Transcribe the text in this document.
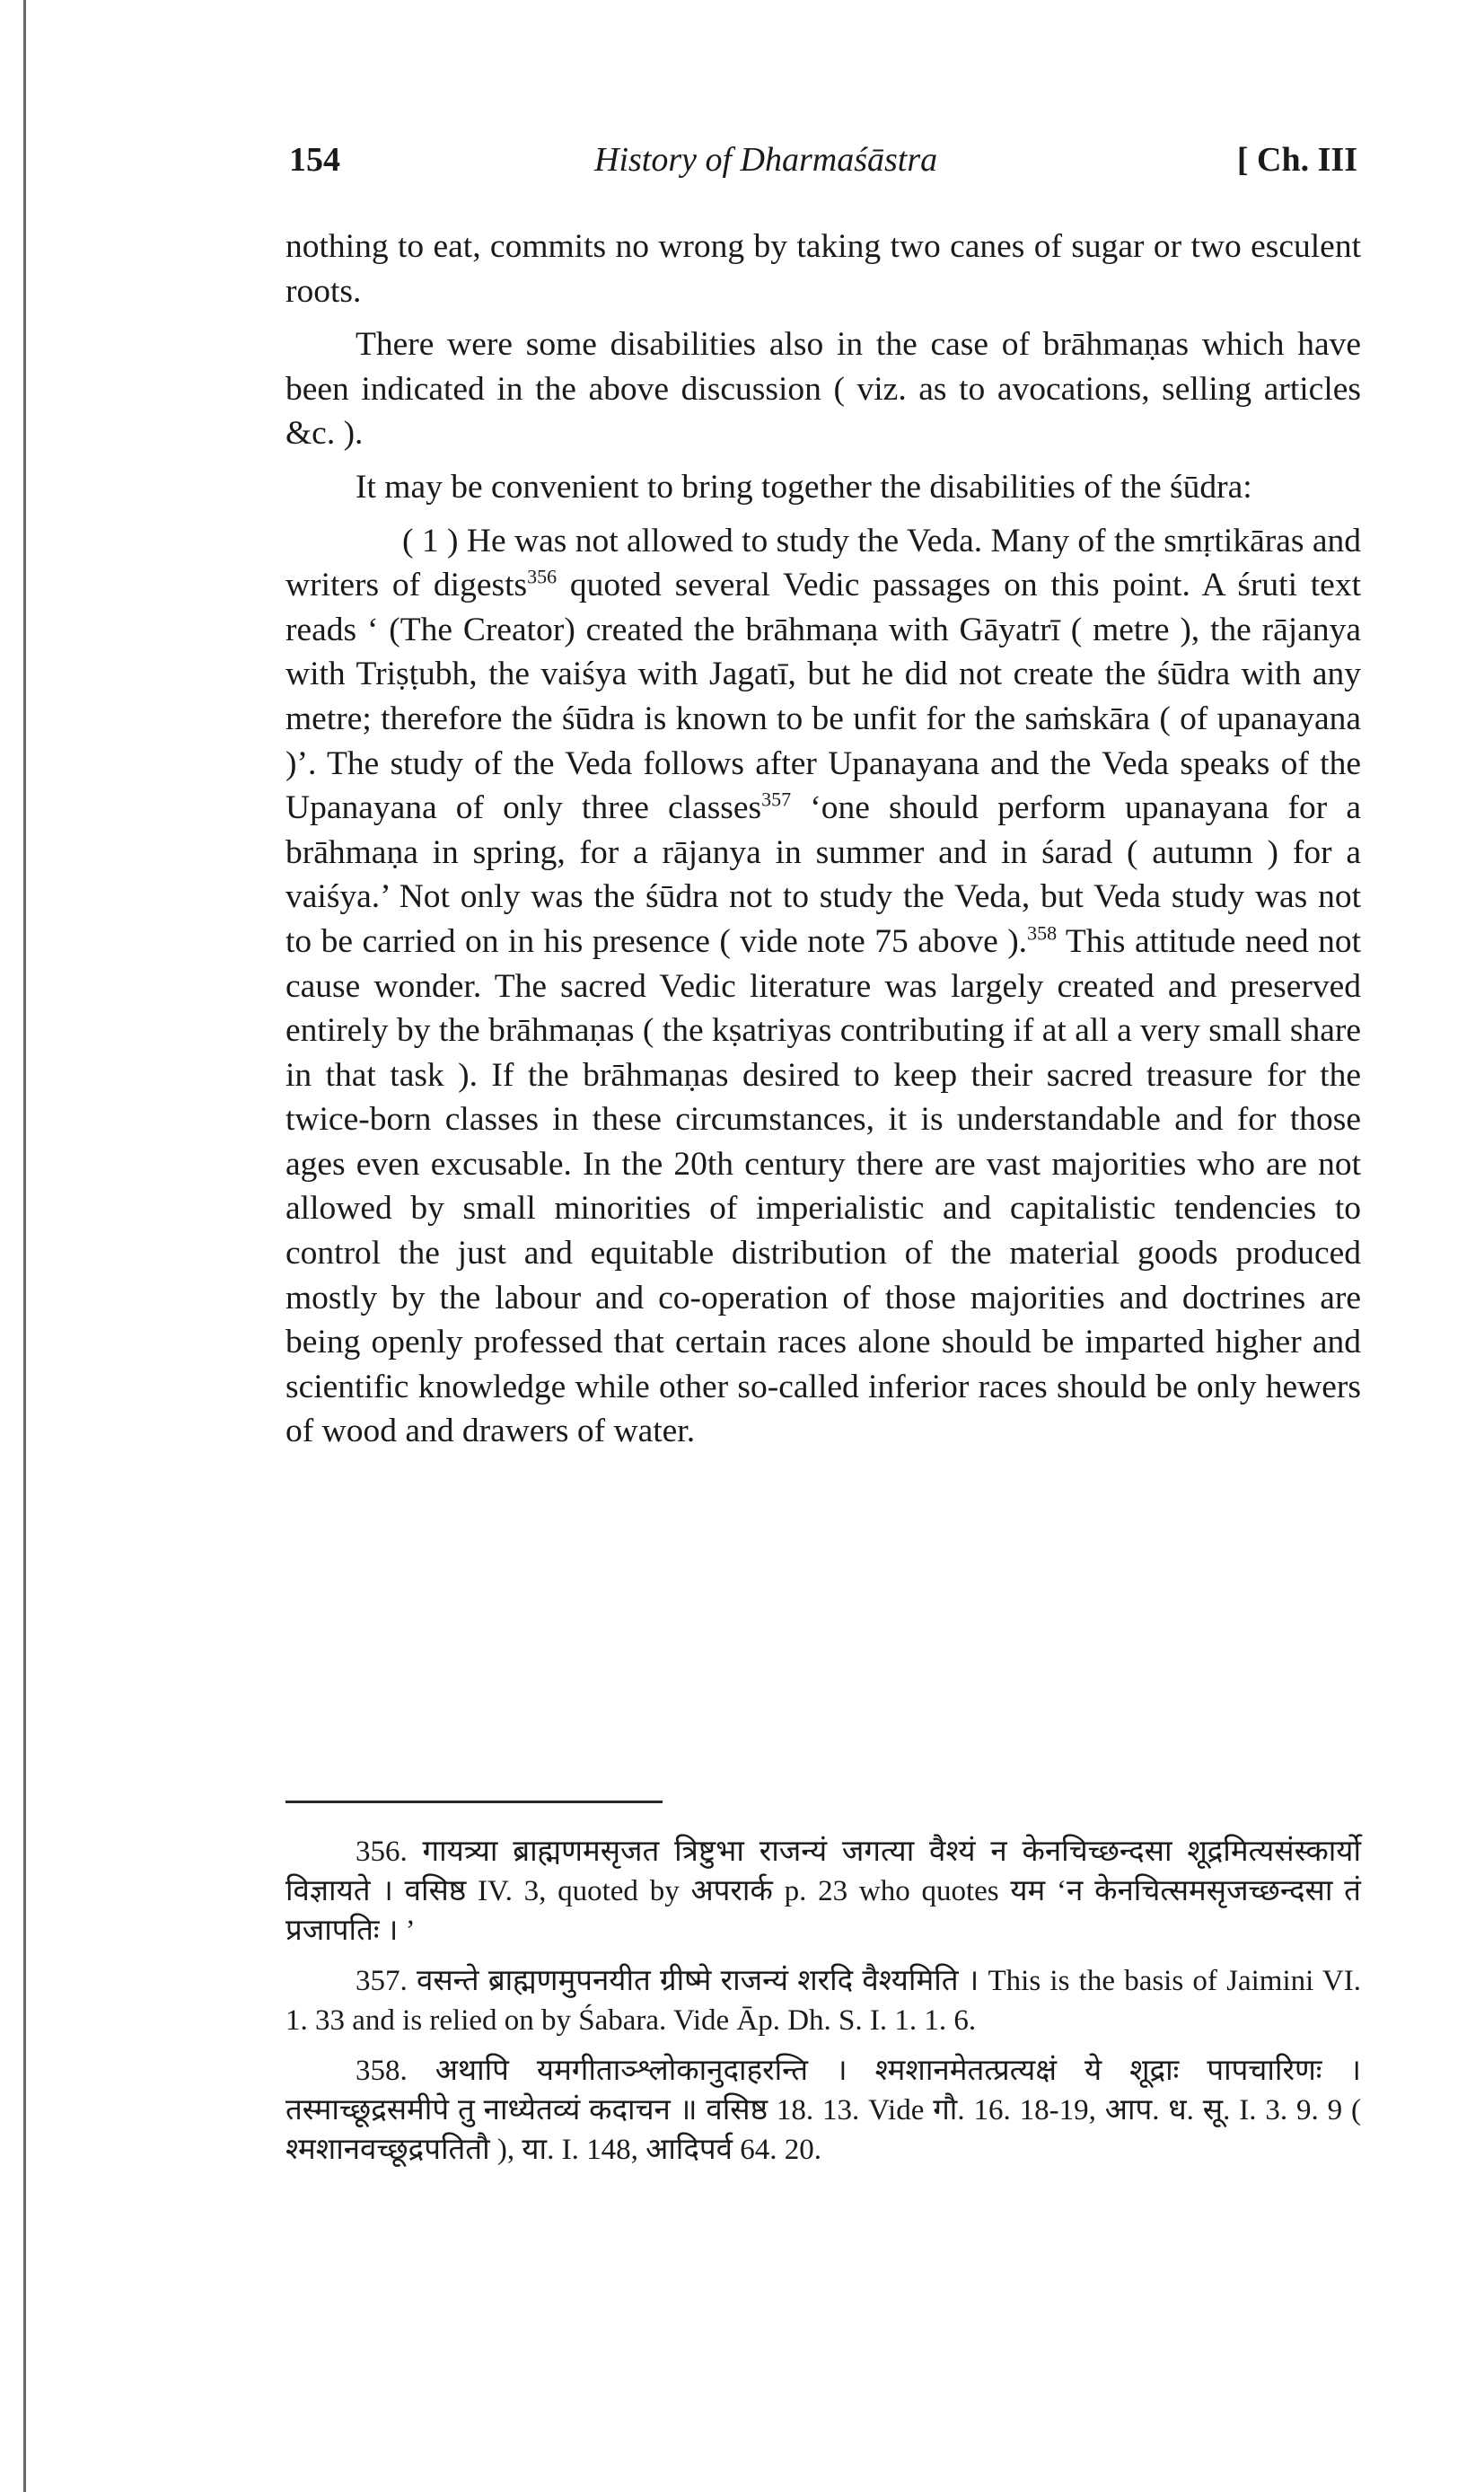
154	History of Dharmaśāstra	[ Ch. III

nothing to eat, commits no wrong by taking two canes of sugar or two esculent roots.

There were some disabilities also in the case of brāhmaṇas which have been indicated in the above discussion ( viz. as to avocations, selling articles &c. ).

It may be convenient to bring together the disabilities of the śūdra:

( 1 ) He was not allowed to study the Veda. Many of the smṛtikāras and writers of digests$^{356}$ quoted several Vedic passages on this point. A śruti text reads ‘ (The Creator) created the brāhmaṇa with Gāyatrī ( metre ), the rājanya with Triṣṭubh, the vaiśya with Jagatī, but he did not create the śūdra with any metre; therefore the śūdra is known to be unfit for the saṁskāra ( of upanayana )’. The study of the Veda follows after Upanayana and the Veda speaks of the Upanayana of only three classes$^{357}$ ‘one should perform upanayana for a brāhmaṇa in spring, for a rājanya in summer and in śarad ( autumn ) for a vaiśya.’ Not only was the śūdra not to study the Veda, but Veda study was not to be carried on in his presence ( vide note 75 above ).$^{358}$ This attitude need not cause wonder. The sacred Vedic literature was largely created and preserved entirely by the brāhmaṇas ( the kṣatriyas contributing if at all a very small share in that task ). If the brāhmaṇas desired to keep their sacred treasure for the twice-born classes in these circumstances, it is understandable and for those ages even excusable. In the 20th century there are vast majorities who are not allowed by small minorities of imperialistic and capitalistic tendencies to control the just and equitable distribution of the material goods produced mostly by the labour and co-operation of those majorities and doctrines are being openly professed that certain races alone should be imparted higher and scientific knowledge while other so-called inferior races should be only hewers of wood and drawers of water.

356. गायत्र्या ब्राह्मणमसृजत त्रिष्टुभा राजन्यं जगत्या वैश्यं न केनचिच्छन्दसा शूद्रमित्यसंस्कार्यो विज्ञायते । वसिष्ठ IV. 3, quoted by अपरार्क p. 23 who quotes यम ‘न केनचित्समसृजच्छन्दसा तं प्रजापतिः । ’

357. वसन्ते ब्राह्मणमुपनयीत ग्रीष्मे राजन्यं शरदि वैश्यमिति । This is the basis of Jaimini VI. 1. 33 and is relied on by Śabara. Vide Āp. Dh. S. I. 1. 1. 6.

358. अथापि यमगीताञ्श्लोकानुदाहरन्ति । श्मशानमेतत्प्रत्यक्षं ये शूद्राः पापचारिणः । तस्माच्छूद्रसमीपे तु नाध्येतव्यं कदाचन ॥ वसिष्ठ 18. 13. Vide गौ. 16. 18-19, आप. ध. सू. I. 3. 9. 9 ( श्मशानवच्छूद्रपतितौ ), या. I. 148, आदिपर्व 64. 20.
